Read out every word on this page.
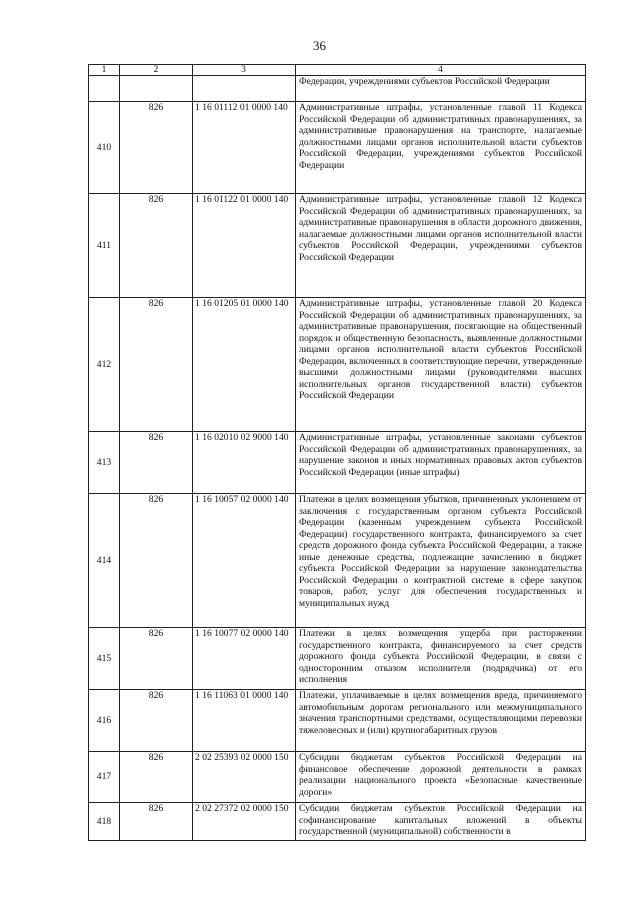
36
1	2	3	4
			Федерации, учреждениями субъектов Российской Федерации
410	826	1 16 01112 01 0000 140	Административные штрафы, установленные главой 11 Кодекса Российской Федерации об административных правонарушениях, за административные правонарушения на транспорте, налагаемые должностными лицами органов исполнительной власти субъектов Российской Федерации, учреждениями субъектов Российской Федерации
411	826	1 16 01122 01 0000 140	Административные штрафы, установленные главой 12 Кодекса Российской Федерации об административных правонарушениях, за административные правонарушения в области дорожного движения, налагаемые должностными лицами органов исполнительной власти субъектов Российской Федерации, учреждениями субъектов Российской Федерации
412	826	1 16 01205 01 0000 140	Административные штрафы, установленные главой 20 Кодекса Российской Федерации об административных правонарушениях, за административные правонарушения, посягающие на общественный порядок и общественную безопасность, выявленные должностными лицами органов исполнительной власти субъектов Российской Федерации, включенных в соответствующие перечни, утвержденные высшими должностными лицами (руководителями высших исполнительных органов государственной власти) субъектов Российской Федерации
413	826	1 16 02010 02 9000 140	Административные штрафы, установленные законами субъектов Российской Федерации об административных правонарушениях, за нарушение законов и иных нормативных правовых актов субъектов Российской Федерации (иные штрафы)
414	826	1 16 10057 02 0000 140	Платежи в целях возмещения убытков, причиненных уклонением от заключения с государственным органом субъекта Российской Федерации (казенным учреждением субъекта Российской Федерации) государственного контракта, финансируемого за счет средств дорожного фонда субъекта Российской Федерации, а также иные денежные средства, подлежащие зачислению в бюджет субъекта Российской Федерации за нарушение законодательства Российской Федерации о контрактной системе в сфере закупок товаров, работ, услуг для обеспечения государственных и муниципальных нужд
415	826	1 16 10077 02 0000 140	Платежи в целях возмещения ущерба при расторжении государственного контракта, финансируемого за счет средств дорожного фонда субъекта Российской Федерации, в связи с односторонним отказом исполнителя (подрядчика) от его исполнения
416	826	1 16 11063 01 0000 140	Платежи, уплачиваемые в целях возмещения вреда, причиняемого автомобильным дорогам регионального или межмуниципального значения транспортными средствами, осуществляющими перевозки тяжеловесных и (или) крупногабаритных грузов
417	826	2 02 25393 02 0000 150	Субсидии бюджетам субъектов Российской Федерации на финансовое обеспечение дорожной деятельности в рамках реализации национального проекта «Безопасные качественные дороги»
418	826	2 02 27372 02 0000 150	Субсидии бюджетам субъектов Российской Федерации на софинансирование капитальных вложений в объекты государственной (муниципальной) собственности в
